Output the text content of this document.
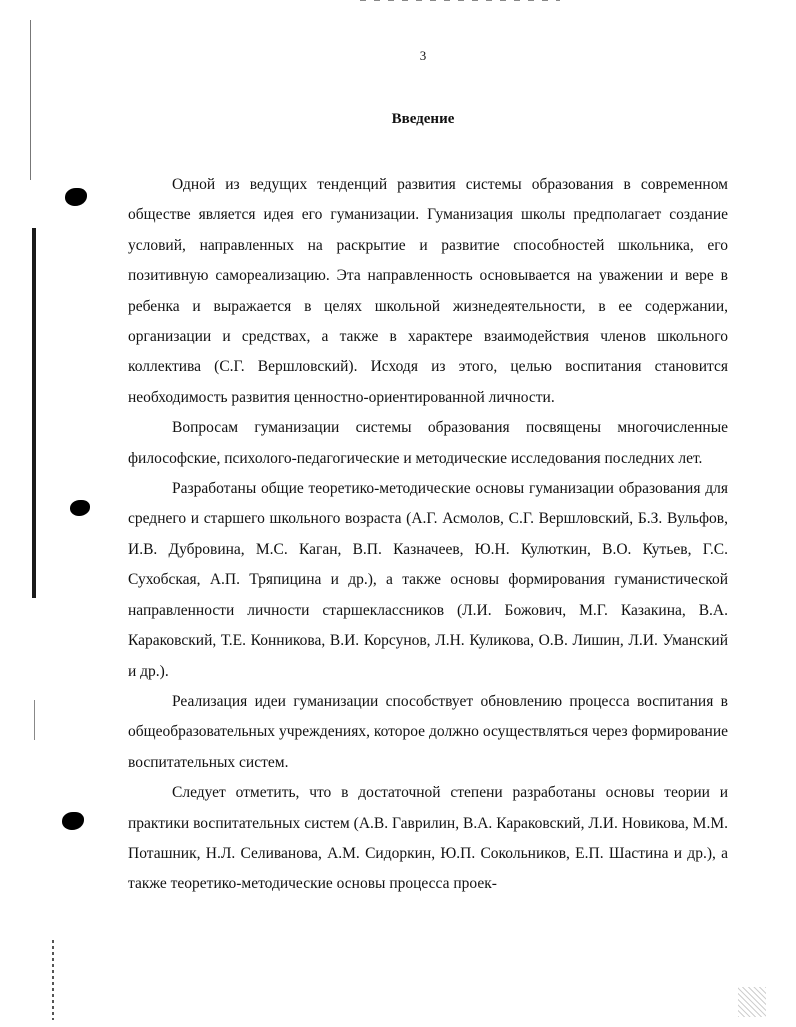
3
Введение

Одной из ведущих тенденций развития системы образования в современном обществе является идея его гуманизации. Гуманизация школы предполагает создание условий, направленных на раскрытие и развитие способностей школьника, его позитивную самореализацию. Эта направленность основывается на уважении и вере в ребенка и выражается в целях школьной жизнедеятельности, в ее содержании, организации и средствах, а также в характере взаимодействия членов школьного коллектива (С.Г. Вершловский). Исходя из этого, целью воспитания становится необходимость развития ценностно-ориентированной личности.

Вопросам гуманизации системы образования посвящены многочисленные философские, психолого-педагогические и методические исследования последних лет.

Разработаны общие теоретико-методические основы гуманизации образования для среднего и старшего школьного возраста (А.Г. Асмолов, С.Г. Вершловский, Б.З. Вульфов, И.В. Дубровина, М.С. Каган, В.П. Казначеев, Ю.Н. Кулюткин, В.О. Кутьев, Г.С. Сухобская, А.П. Тряпицина и др.), а также основы формирования гуманистической направленности личности старшеклассников (Л.И. Божович, М.Г. Казакина, В.А. Караковский, Т.Е. Конникова, В.И. Корсунов, Л.Н. Куликова, О.В. Лишин, Л.И. Уманский и др.).

Реализация идеи гуманизации способствует обновлению процесса воспитания в общеобразовательных учреждениях, которое должно осуществляться через формирование воспитательных систем.

Следует отметить, что в достаточной степени разработаны основы теории и практики воспитательных систем (А.В. Гаврилин, В.А. Караковский, Л.И. Новикова, М.М. Поташник, Н.Л. Селиванова, А.М. Сидоркин, Ю.П. Сокольников, Е.П. Шастина и др.), а также теоретико-методические основы процесса проек-
